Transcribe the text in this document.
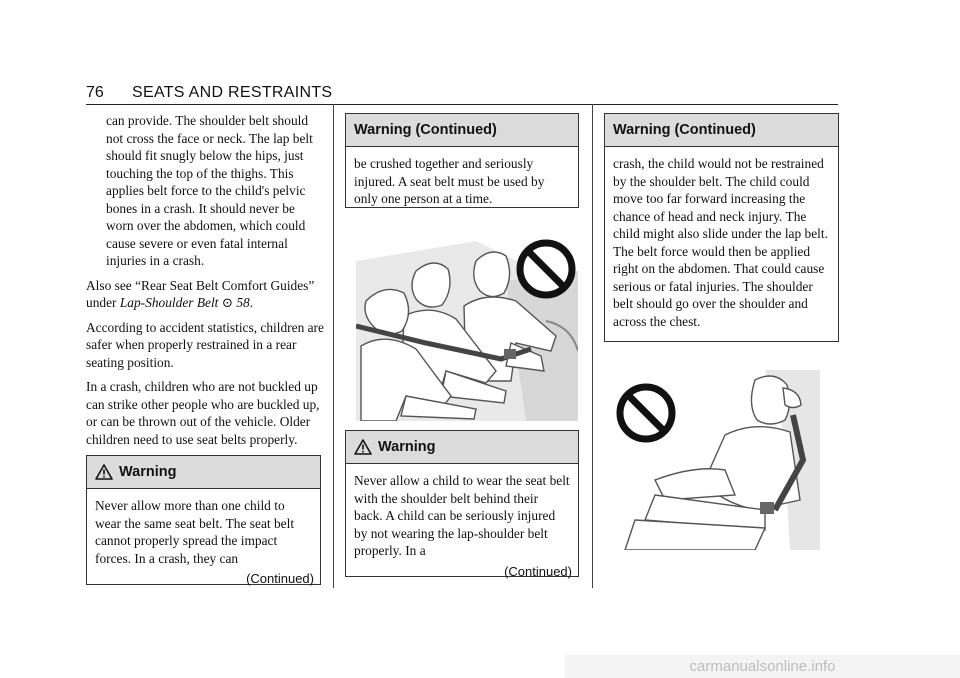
76 SEATS AND RESTRAINTS

can provide. The shoulder belt should not cross the face or neck. The lap belt should fit snugly below the hips, just touching the top of the thighs. This applies belt force to the child's pelvic bones in a crash. It should never be worn over the abdomen, which could cause severe or even fatal internal injuries in a crash.

Also see “Rear Seat Belt Comfort Guides” under Lap-Shoulder Belt ⊙ 58.

According to accident statistics, children are safer when properly restrained in a rear seating position.

In a crash, children who are not buckled up can strike other people who are buckled up, or can be thrown out of the vehicle. Older children need to use seat belts properly.

Warning
Never allow more than one child to wear the same seat belt. The seat belt cannot properly spread the impact forces. In a crash, they can
(Continued)
Warning (Continued)
be crushed together and seriously injured. A seat belt must be used by only one person at a time.
Warning
Never allow a child to wear the seat belt with the shoulder belt behind their back. A child can be seriously injured by not wearing the lap-shoulder belt properly. In a
(Continued)
Warning (Continued)
crash, the child would not be restrained by the shoulder belt. The child could move too far forward increasing the chance of head and neck injury. The child might also slide under the lap belt. The belt force would then be applied right on the abdomen. That could cause serious or fatal injuries. The shoulder belt should go over the shoulder and across the chest.
carmanualsonline.info
